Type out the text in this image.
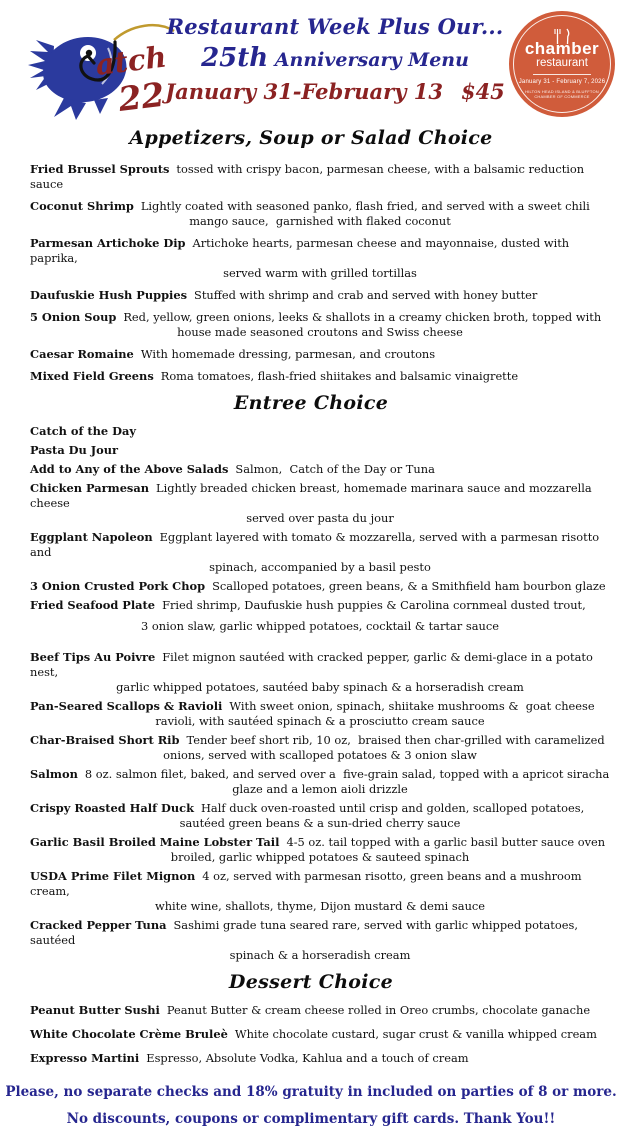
atch
22
Restaurant Week Plus Our...
25th Anniversary Menu
January 31-February 13 $45
chamber
restaurant
January 31 - February 7, 2026
HILTON HEAD ISLAND & BLUFFTON
CHAMBER OF COMMERCE
Appetizers, Soup or Salad Choice
Fried Brussel Sprouts tossed with crispy bacon, parmesan cheese, with a balsamic reduction sauce
Coconut Shrimp Lightly coated with seasoned panko, flash fried, and served with a sweet chili
mango sauce,  garnished with flaked coconut
Parmesan Artichoke Dip Artichoke hearts, parmesan cheese and mayonnaise, dusted with paprika,
served warm with grilled tortillas
Daufuskie Hush Puppies Stuffed with shrimp and crab and served with honey butter
5 Onion Soup Red, yellow, green onions, leeks & shallots in a creamy chicken broth, topped with
house made seasoned croutons and Swiss cheese
Caesar Romaine With homemade dressing, parmesan, and croutons
Mixed Field Greens Roma tomatoes, flash-fried shiitakes and balsamic vinaigrette
Entree Choice
Catch of the Day
Pasta Du Jour
Add to Any of the Above Salads Salmon,  Catch of the Day or Tuna
Chicken Parmesan Lightly breaded chicken breast, homemade marinara sauce and mozzarella cheese
served over pasta du jour
Eggplant Napoleon Eggplant layered with tomato & mozzarella, served with a parmesan risotto and
spinach, accompanied by a basil pesto
3 Onion Crusted Pork Chop Scalloped potatoes, green beans, & a Smithfield ham bourbon glaze
Fried Seafood Plate Fried shrimp, Daufuskie hush puppies & Carolina cornmeal dusted trout,
3 onion slaw, garlic whipped potatoes, cocktail & tartar sauce
Beef Tips Au Poivre Filet mignon sautéed with cracked pepper, garlic & demi-glace in a potato nest,
garlic whipped potatoes, sautéed baby spinach & a horseradish cream
Pan-Seared Scallops & Ravioli With sweet onion, spinach, shiitake mushrooms &  goat cheese
ravioli, with sautéed spinach & a prosciutto cream sauce
Char-Braised Short Rib Tender beef short rib, 10 oz,  braised then char-grilled with caramelized
onions, served with scalloped potatoes & 3 onion slaw
Salmon 8 oz. salmon filet, baked, and served over a  five-grain salad, topped with a apricot siracha
glaze and a lemon aioli drizzle
Crispy Roasted Half Duck Half duck oven-roasted until crisp and golden, scalloped potatoes,
sautéed green beans & a sun-dried cherry sauce
Garlic Basil Broiled Maine Lobster Tail 4-5 oz. tail topped with a garlic basil butter sauce oven
broiled, garlic whipped potatoes & sauteed spinach
USDA Prime Filet Mignon 4 oz, served with parmesan risotto, green beans and a mushroom cream,
white wine, shallots, thyme, Dijon mustard & demi sauce
Cracked Pepper Tuna Sashimi grade tuna seared rare, served with garlic whipped potatoes, sautéed
spinach & a horseradish cream
Dessert Choice
Peanut Butter Sushi Peanut Butter & cream cheese rolled in Oreo crumbs, chocolate ganache
White Chocolate Crème Bruleè White chocolate custard, sugar crust & vanilla whipped cream
Expresso Martini Espresso, Absolute Vodka, Kahlua and a touch of cream
Please, no separate checks and 18% gratuity in included on parties of 8 or more.
No discounts, coupons or complimentary gift cards. Thank You!!
